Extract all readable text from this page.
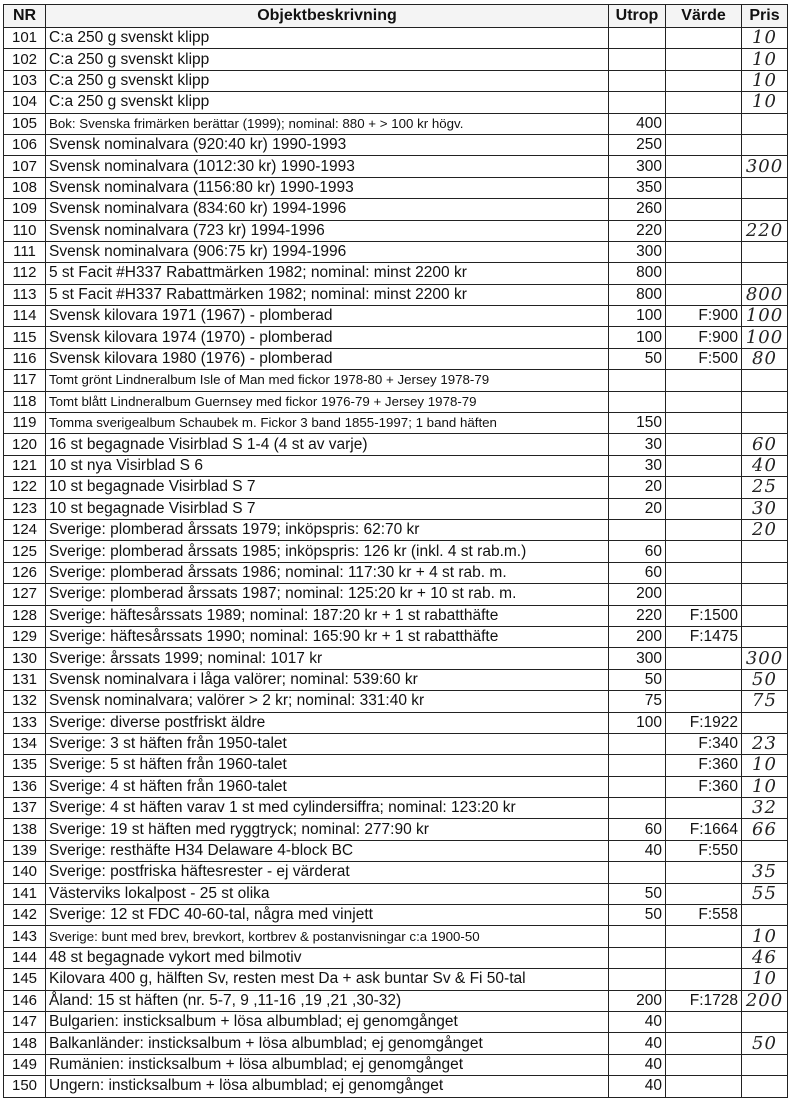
NR	Objektbeskrivning	Utrop	Värde	Pris
101	C:a 250 g svenskt klipp			10
102	C:a 250 g svenskt klipp			10
103	C:a 250 g svenskt klipp			10
104	C:a 250 g svenskt klipp			10
105	Bok: Svenska frimärken berättar (1999); nominal: 880 + > 100 kr högv.	400		
106	Svensk nominalvara (920:40 kr) 1990-1993	250		
107	Svensk nominalvara (1012:30 kr) 1990-1993	300		300
108	Svensk nominalvara (1156:80 kr) 1990-1993	350		
109	Svensk nominalvara (834:60 kr) 1994-1996	260		
110	Svensk nominalvara (723 kr) 1994-1996	220		220
111	Svensk nominalvara (906:75 kr) 1994-1996	300		
112	5 st Facit #H337 Rabattmärken 1982; nominal: minst 2200 kr	800		
113	5 st Facit #H337 Rabattmärken 1982; nominal: minst 2200 kr	800		800
114	Svensk kilovara 1971 (1967) - plomberad	100	F:900	100
115	Svensk kilovara 1974 (1970) - plomberad	100	F:900	100
116	Svensk kilovara 1980 (1976) - plomberad	50	F:500	80
117	Tomt grönt Lindneralbum Isle of Man med fickor 1978-80 + Jersey 1978-79			
118	Tomt blått Lindneralbum Guernsey med fickor 1976-79 + Jersey 1978-79			
119	Tomma sverigealbum Schaubek m. Fickor 3 band 1855-1997; 1 band häften	150		
120	16 st begagnade Visirblad S 1-4 (4 st av varje)	30		60
121	10 st nya Visirblad S 6	30		40
122	10 st begagnade Visirblad S 7	20		25
123	10 st begagnade Visirblad S 7	20		30
124	Sverige: plomberad årssats 1979; inköpspris: 62:70 kr			20
125	Sverige: plomberad årssats 1985; inköpspris: 126 kr (inkl. 4 st rab.m.)	60		
126	Sverige: plomberad årssats 1986; nominal: 117:30 kr + 4 st rab. m.	60		
127	Sverige: plomberad årssats 1987; nominal: 125:20 kr + 10 st rab. m.	200		
128	Sverige: häftesårssats 1989; nominal: 187:20 kr + 1 st rabatthäfte	220	F:1500	
129	Sverige: häftesårssats 1990; nominal: 165:90 kr + 1 st rabatthäfte	200	F:1475	
130	Sverige: årssats 1999; nominal: 1017 kr	300		300
131	Svensk nominalvara i låga valörer; nominal: 539:60 kr	50		50
132	Svensk nominalvara; valörer > 2 kr; nominal: 331:40 kr	75		75
133	Sverige: diverse postfriskt äldre	100	F:1922	
134	Sverige: 3 st häften från 1950-talet		F:340	23
135	Sverige: 5 st häften från 1960-talet		F:360	10
136	Sverige: 4 st häften från 1960-talet		F:360	10
137	Sverige: 4 st häften varav 1 st med cylindersiffra; nominal: 123:20 kr			32
138	Sverige: 19 st häften med ryggtryck; nominal: 277:90 kr	60	F:1664	66
139	Sverige: resthäfte H34 Delaware 4-block BC	40	F:550	
140	Sverige: postfriska häftesrester - ej värderat			35
141	Västerviks lokalpost - 25 st olika	50		55
142	Sverige: 12 st FDC 40-60-tal, några med vinjett	50	F:558	
143	Sverige: bunt med brev, brevkort, kortbrev & postanvisningar c:a 1900-50			10
144	48 st begagnade vykort med bilmotiv			46
145	Kilovara 400 g, hälften Sv, resten mest Da + ask buntar Sv & Fi 50-tal			10
146	Åland: 15 st häften (nr. 5-7, 9 ,11-16 ,19 ,21 ,30-32)	200	F:1728	200
147	Bulgarien: insticksalbum + lösa albumblad; ej genomgånget	40		
148	Balkanländer: insticksalbum + lösa albumblad; ej genomgånget	40		50
149	Rumänien: insticksalbum + lösa albumblad; ej genomgånget	40		
150	Ungern: insticksalbum + lösa albumblad; ej genomgånget	40		
